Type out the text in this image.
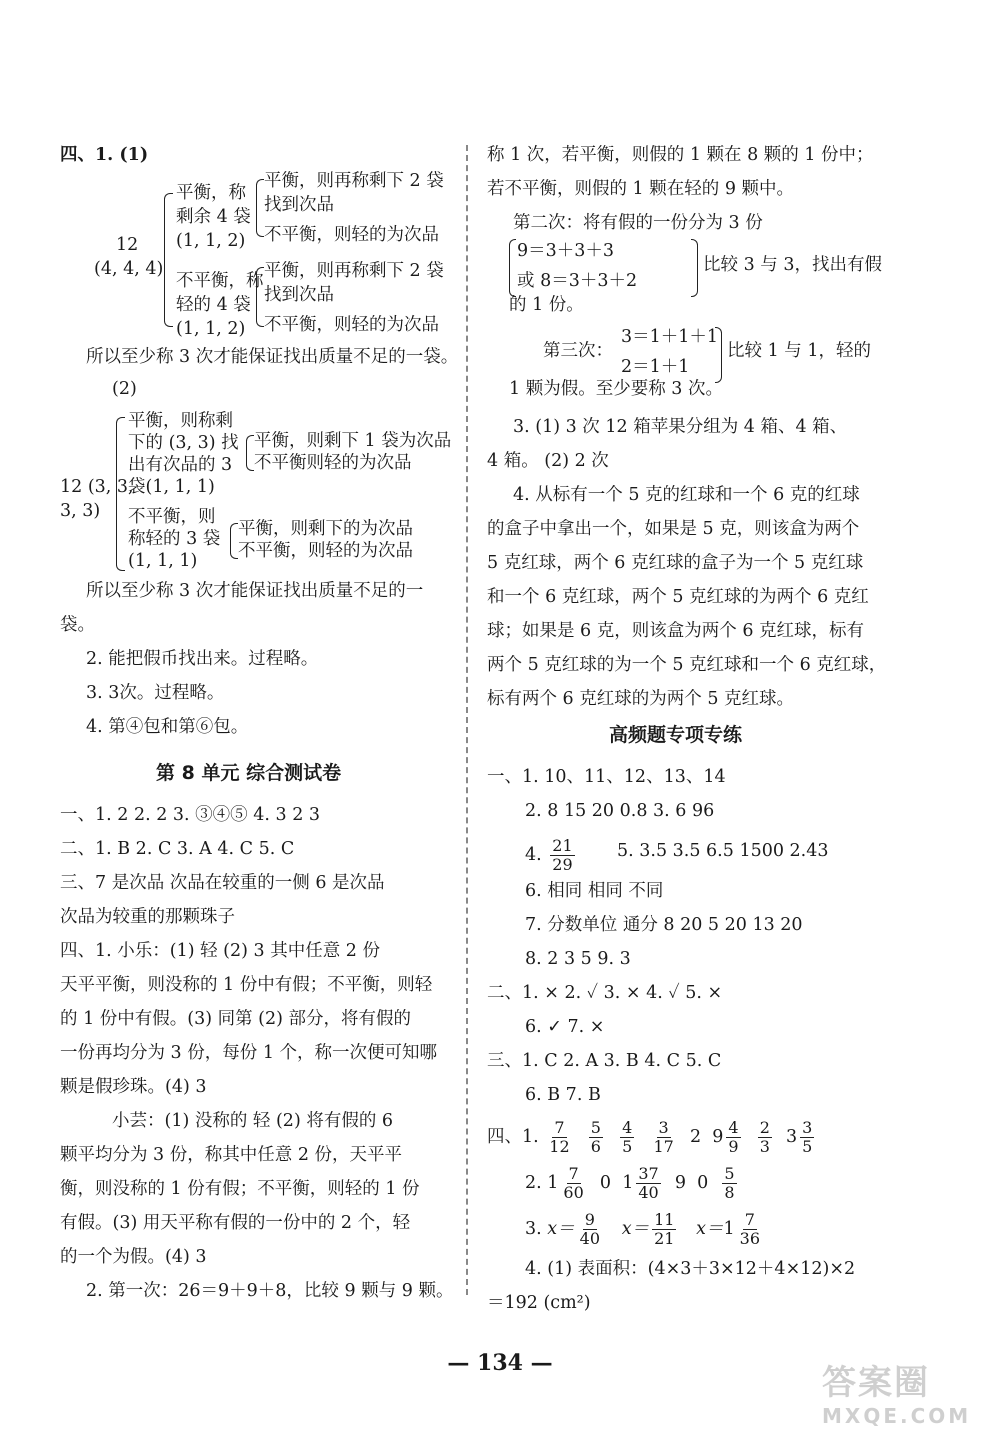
四、1. (1)
12
(4, 4, 4)
平衡，称
剩余 4 袋
(1, 1, 2)
平衡，则再称剩下 2 袋
找到次品
不平衡，则轻的为次品
不平衡，称
轻的 4 袋
(1, 1, 2)
平衡，则再称剩下 2 袋
找到次品
不平衡，则轻的为次品
所以至少称 3 次才能保证找出质量不足的一袋。
(2)
12 (3, 3,
3, 3)
平衡，则称剩
下的 (3, 3) 找
出有次品的 3
袋(1, 1, 1)
平衡，则剩下 1 袋为次品
不平衡则轻的为次品
不平衡，则
称轻的 3 袋
(1, 1, 1)
平衡，则剩下的为次品
不平衡，则轻的为次品
所以至少称 3 次才能保证找出质量不足的一
袋。
2. 能把假币找出来。过程略。
3. 3次。过程略。
4. 第④包和第⑥包。
第 8 单元 综合测试卷
一、1. 2 2. 2 3. ③④⑤ 4. 3 2 3
二、1. B 2. C 3. A 4. C 5. C
三、7 是次品 次品在较重的一侧 6 是次品
次品为较重的那颗珠子
四、1. 小乐：(1) 轻 (2) 3 其中任意 2 份
天平平衡，则没称的 1 份中有假；不平衡，则轻
的 1 份中有假。(3) 同第 (2) 部分，将有假的
一份再均分为 3 份，每份 1 个，称一次便可知哪
颗是假珍珠。(4) 3
小芸：(1) 没称的 轻 (2) 将有假的 6
颗平均分为 3 份，称其中任意 2 份，天平平
衡，则没称的 1 份有假；不平衡，则轻的 1 份
有假。(3) 用天平称有假的一份中的 2 个，轻
的一个为假。(4) 3
2. 第一次：26＝9＋9＋8，比较 9 颗与 9 颗。
称 1 次，若平衡，则假的 1 颗在 8 颗的 1 份中；
若不平衡，则假的 1 颗在轻的 9 颗中。
第二次：将有假的一份分为 3 份
9＝3＋3＋3
或 8＝3＋3＋2
比较 3 与 3，找出有假
的 1 份。
第三次：
3＝1＋1＋1
2＝1＋1
比较 1 与 1，轻的
1 颗为假。至少要称 3 次。
3. (1) 3 次 12 箱苹果分组为 4 箱、4 箱、
4 箱。 (2) 2 次
4. 从标有一个 5 克的红球和一个 6 克的红球
的盒子中拿出一个，如果是 5 克，则该盒为两个
5 克红球，两个 6 克红球的盒子为一个 5 克红球
和一个 6 克红球，两个 5 克红球的为两个 6 克红
球；如果是 6 克，则该盒为两个 6 克红球，标有
两个 5 克红球的为一个 5 克红球和一个 6 克红球，
标有两个 6 克红球的为两个 5 克红球。
高频题专项专练
一、1. 10、11、12、13、14
2. 8 15 20 0.8 3. 6 96
4. $\frac{21}{29} 5$. 3.5 3.5 6.5 1500 2.43
6. 相同 相同 不同
7. 分数单位 通分 8 20 5 20 13 20
8. 2 3 5 9. 3
二、1. × 2. ✓ 3. × 4. ✓ 5. ×
6. ✓ 7. ×
三、1. C 2. A 3. B 4. C 5. C
6. B 7. B
四、1. $\frac{7}{12}$
$\frac{5}{6}$
$\frac{4}{5}$
$\frac{3}{17} 2$ $9 \frac{4}{9}$
$\frac{2}{3} 3 \frac{3}{5}$
2. $1 \frac{7}{60} 0$ $1 \frac{37}{40} 9$ $0 \frac{5}{8}$
3. $x= \frac{9}{40} x= \frac{11}{21} x=1 \frac{7}{36}$
4. (1) 表面积：(4×3＋3×12＋4×12)×2
＝192 (cm²)
— 134 —	答案圈
MXQE.COM
